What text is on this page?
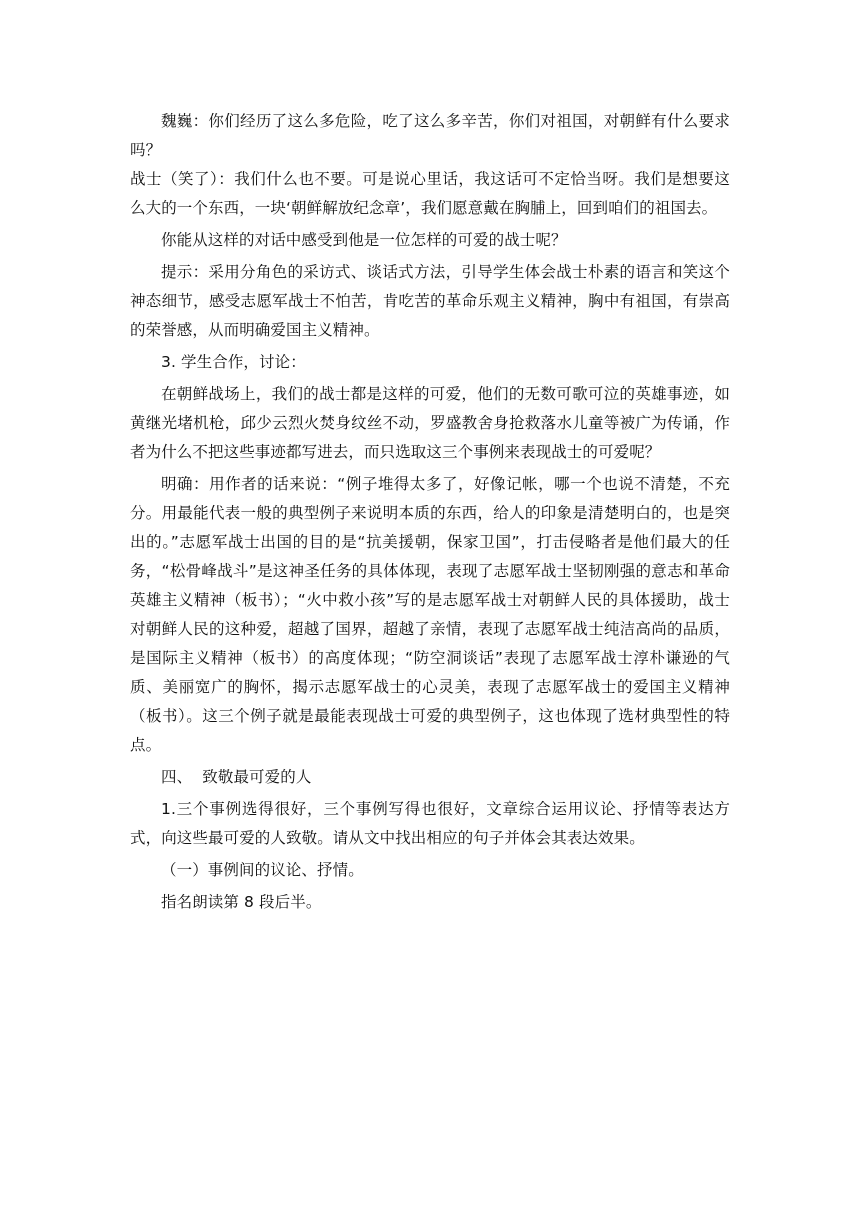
魏巍：你们经历了这么多危险，吃了这么多辛苦，你们对祖国，对朝鲜有什么要求吗？

战士（笑了）：我们什么也不要。可是说心里话，我这话可不定恰当呀。我们是想要这么大的一个东西，一块‘朝鲜解放纪念章’，我们愿意戴在胸脯上，回到咱们的祖国去。

你能从这样的对话中感受到他是一位怎样的可爱的战士呢？

提示：采用分角色的采访式、谈话式方法，引导学生体会战士朴素的语言和笑这个神态细节，感受志愿军战士不怕苦，肯吃苦的革命乐观主义精神，胸中有祖国，有崇高的荣誉感，从而明确爱国主义精神。

3. 学生合作，讨论：

在朝鲜战场上，我们的战士都是这样的可爱，他们的无数可歌可泣的英雄事迹，如黄继光堵机枪，邱少云烈火焚身纹丝不动，罗盛教舍身抢救落水儿童等被广为传诵，作者为什么不把这些事迹都写进去，而只选取这三个事例来表现战士的可爱呢？

明确：用作者的话来说：“例子堆得太多了，好像记帐，哪一个也说不清楚，不充分。用最能代表一般的典型例子来说明本质的东西，给人的印象是清楚明白的，也是突出的。”志愿军战士出国的目的是“抗美援朝，保家卫国”，打击侵略者是他们最大的任务，“松骨峰战斗”是这神圣任务的具体体现，表现了志愿军战士坚韧刚强的意志和革命英雄主义精神（板书）；“火中救小孩”写的是志愿军战士对朝鲜人民的具体援助，战士对朝鲜人民的这种爱，超越了国界，超越了亲情，表现了志愿军战士纯洁高尚的品质，是国际主义精神（板书）的高度体现；“防空洞谈话”表现了志愿军战士淳朴谦逊的气质、美丽宽广的胸怀，揭示志愿军战士的心灵美，表现了志愿军战士的爱国主义精神（板书）。这三个例子就是最能表现战士可爱的典型例子，这也体现了选材典型性的特点。

四、  致敬最可爱的人

1.三个事例选得很好，三个事例写得也很好，文章综合运用议论、抒情等表达方式，向这些最可爱的人致敬。请从文中找出相应的句子并体会其表达效果。

（一）事例间的议论、抒情。

指名朗读第 8 段后半。
